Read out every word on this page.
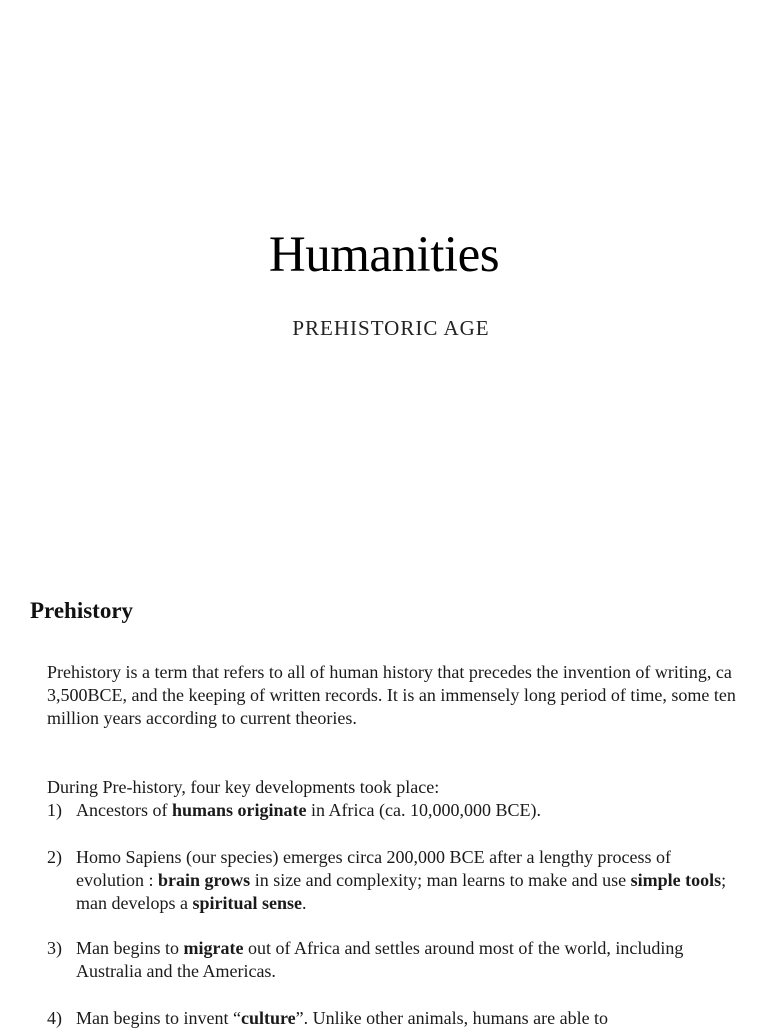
Humanities
PREHISTORIC AGE
Prehistory
Prehistory is a term that refers to all of human history that precedes the invention of writing, ca 3,500BCE, and the keeping of written records. It is an immensely long period of time, some ten million years according to current theories.
During Pre-history, four key developments took place:
1) Ancestors of humans originate in Africa (ca. 10,000,000 BCE).
2) Homo Sapiens (our species) emerges circa 200,000 BCE after a lengthy process of evolution : brain grows in size and complexity; man learns to make and use simple tools; man develops a spiritual sense.
3) Man begins to migrate out of Africa and settles around most of the world, including Australia and the Americas.
4) Man begins to invent “culture”. Unlike other animals, humans are able to
